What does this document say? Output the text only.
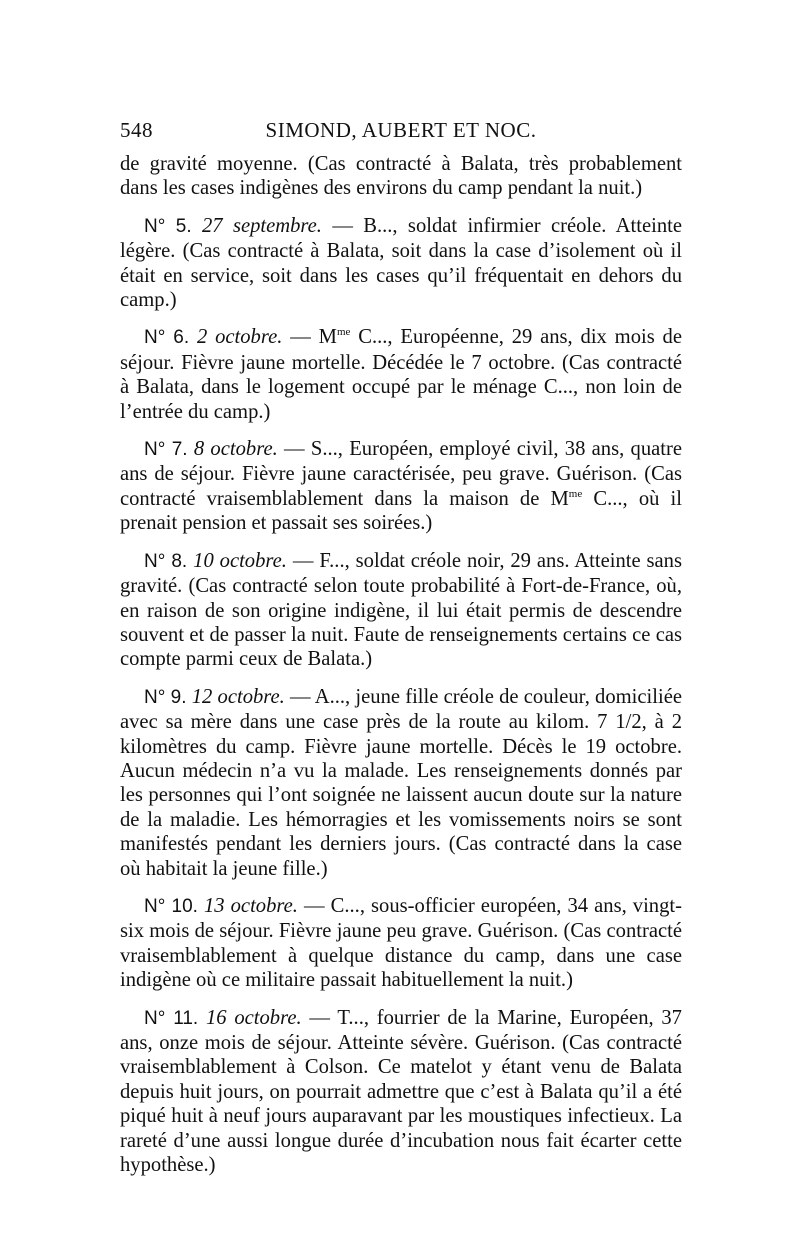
548	SIMOND, AUBERT ET NOC.

de gravité moyenne. (Cas contracté à Balata, très probablement dans les cases indigènes des environs du camp pendant la nuit.)

N° 5. 27 septembre. — B..., soldat infirmier créole. Atteinte légère. (Cas contracté à Balata, soit dans la case d’isolement où il était en service, soit dans les cases qu’il fréquentait en dehors du camp.)

N° 6. 2 octobre. — $M^{me}$ C..., Européenne, 29 ans, dix mois de séjour. Fièvre jaune mortelle. Décédée le 7 octobre. (Cas contracté à Balata, dans le logement occupé par le ménage C..., non loin de l’entrée du camp.)

N° 7. 8 octobre. — S..., Européen, employé civil, 38 ans, quatre ans de séjour. Fièvre jaune caractérisée, peu grave. Guérison. (Cas contracté vraisemblablement dans la maison de $M^{me}$ C..., où il prenait pension et passait ses soirées.)

N° 8. 10 octobre. — F..., soldat créole noir, 29 ans. Atteinte sans gravité. (Cas contracté selon toute probabilité à Fort-de-France, où, en raison de son origine indigène, il lui était permis de descendre souvent et de passer la nuit. Faute de renseignements certains ce cas compte parmi ceux de Balata.)

N° 9. 12 octobre. — A..., jeune fille créole de couleur, domiciliée avec sa mère dans une case près de la route au kilom. 7 1/2, à 2 kilomètres du camp. Fièvre jaune mortelle. Décès le 19 octobre. Aucun médecin n’a vu la malade. Les renseignements donnés par les personnes qui l’ont soignée ne laissent aucun doute sur la nature de la maladie. Les hémorragies et les vomissements noirs se sont manifestés pendant les derniers jours. (Cas contracté dans la case où habitait la jeune fille.)

N° 10. 13 octobre. — C..., sous-officier européen, 34 ans, vingt-six mois de séjour. Fièvre jaune peu grave. Guérison. (Cas contracté vraisemblablement à quelque distance du camp, dans une case indigène où ce militaire passait habituellement la nuit.)

N° 11. 16 octobre. — T..., fourrier de la Marine, Européen, 37 ans, onze mois de séjour. Atteinte sévère. Guérison. (Cas contracté vraisemblablement à Colson. Ce matelot y étant venu de Balata depuis huit jours, on pourrait admettre que c’est à Balata qu’il a été piqué huit à neuf jours auparavant par les moustiques infectieux. La rareté d’une aussi longue durée d’incubation nous fait écarter cette hypothèse.)
